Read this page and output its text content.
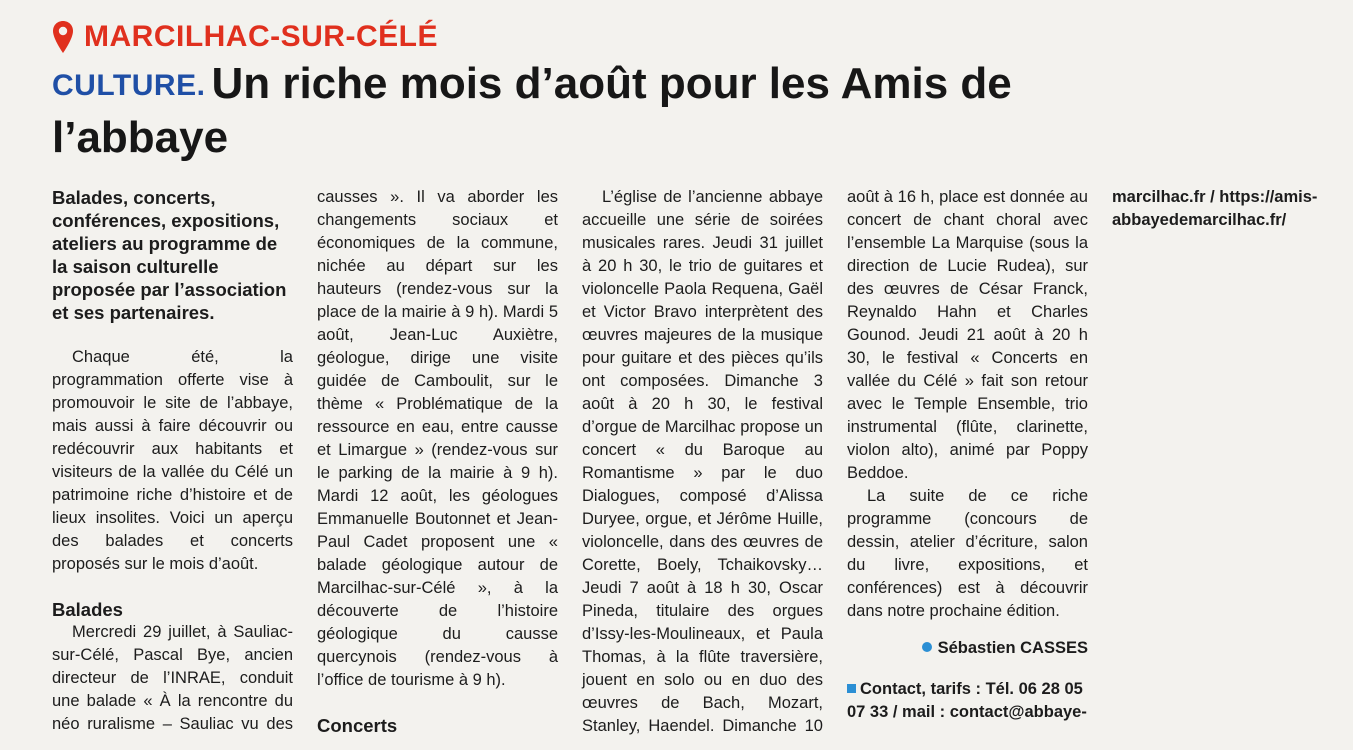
MARCILHAC-SUR-CÉLÉ
CULTURE. Un riche mois d’août pour les Amis de l’abbaye

Balades, concerts, conférences, expositions, ateliers au programme de la saison culturelle proposée par l’association et ses partenaires.

Chaque été, la programmation offerte vise à promouvoir le site de l’abbaye, mais aussi à faire découvrir ou redécouvrir aux habitants et visiteurs de la vallée du Célé un patrimoine riche d’histoire et de lieux insolites. Voici un aperçu des balades et concerts proposés sur le mois d’août.

Balades

Mercredi 29 juillet, à Sauliac-sur-Célé, Pascal Bye, ancien directeur de l’INRAE, conduit une balade « À la rencontre du néo ruralisme – Sauliac vu des causses ». Il va aborder les changements sociaux et économiques de la commune, nichée au départ sur les hauteurs (rendez-vous sur la place de la mairie à 9 h). Mardi 5 août, Jean-Luc Auxiètre, géologue, dirige une visite guidée de Camboulit, sur le thème « Problématique de la ressource en eau, entre causse et Limargue » (rendez-vous sur le parking de la mairie à 9 h). Mardi 12 août, les géologues Emmanuelle Boutonnet et Jean-Paul Cadet proposent une « balade géologique autour de Marcilhac-sur-Célé », à la découverte de l’histoire géologique du causse quercynois (rendez-vous à l’office de tourisme à 9 h).

Concerts

L’église de l’ancienne abbaye accueille une série de soirées musicales rares. Jeudi 31 juillet à 20 h 30, le trio de guitares et violoncelle Paola Requena, Gaël et Victor Bravo interprètent des œuvres majeures de la musique pour guitare et des pièces qu’ils ont composées. Dimanche 3 août à 20 h 30, le festival d’orgue de Marcilhac propose un concert « du Baroque au Romantisme » par le duo Dialogues, composé d’Alissa Duryee, orgue, et Jérôme Huille, violoncelle, dans des œuvres de Corette, Boely, Tchaikovsky… Jeudi 7 août à 18 h 30, Oscar Pineda, titulaire des orgues d’Issy-les-Moulineaux, et Paula Thomas, à la flûte traversière, jouent en solo ou en duo des œuvres de Bach, Mozart, Stanley, Haendel. Dimanche 10 août à 16 h, place est donnée au concert de chant choral avec l’ensemble La Marquise (sous la direction de Lucie Rudea), sur des œuvres de César Franck, Reynaldo Hahn et Charles Gounod. Jeudi 21 août à 20 h 30, le festival « Concerts en vallée du Célé » fait son retour avec le Temple Ensemble, trio instrumental (flûte, clarinette, violon alto), animé par Poppy Beddoe.

La suite de ce riche programme (concours de dessin, atelier d’écriture, salon du livre, expositions, et conférences) est à découvrir dans notre prochaine édition.

Sébastien CASSES

Contact, tarifs : Tél. 06 28 05 07 33 / mail : contact@abbaye-marcilhac.fr / https://amis-abbayedemarcilhac.fr/
